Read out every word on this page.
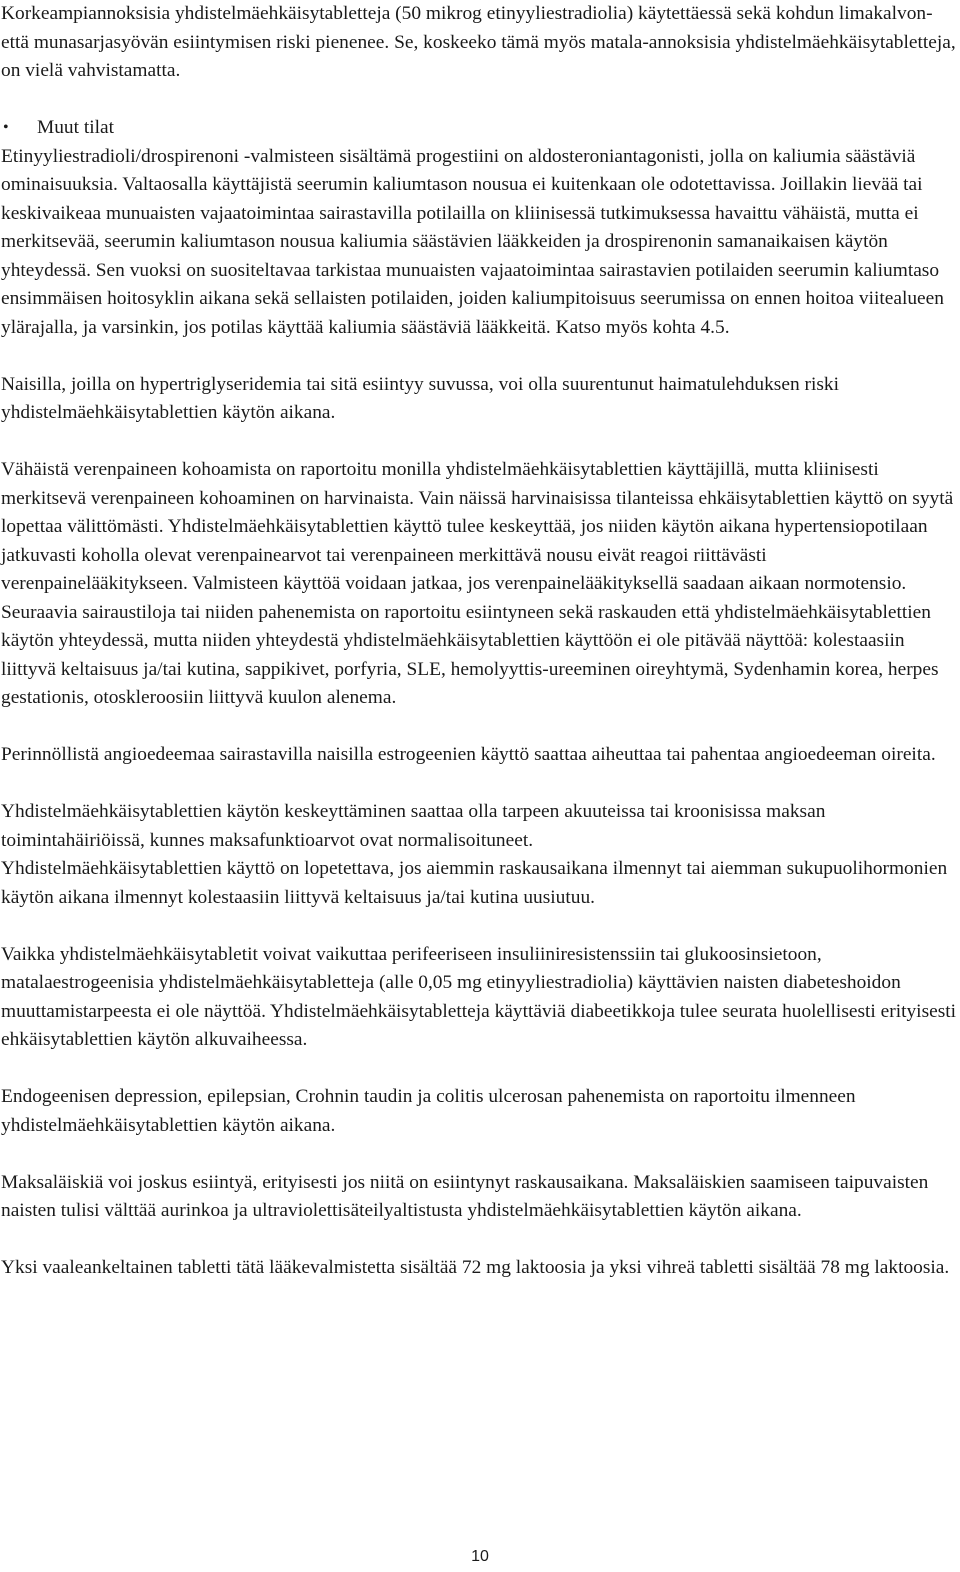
Korkeampiannoksisia yhdistelmäehkäisytabletteja (50 mikrog etinyyliestradiolia) käytettäessä sekä kohdun limakalvon- että munasarjasyövän esiintymisen riski pienenee. Se, koskeeko tämä myös matala-annoksisia yhdistelmäehkäisytabletteja, on vielä vahvistamatta.

• Muut tilat

Etinyyliestradioli/drospirenoni -valmisteen sisältämä progestiini on aldosteroniantagonisti, jolla on kaliumia säästäviä ominaisuuksia. Valtaosalla käyttäjistä seerumin kaliumtason nousua ei kuitenkaan ole odotettavissa. Joillakin lievää tai keskivaikeaa munuaisten vajaatoimintaa sairastavilla potilailla on kliinisessä tutkimuksessa havaittu vähäistä, mutta ei merkitsevää, seerumin kaliumtason nousua kaliumia säästävien lääkkeiden ja drospirenonin samanaikaisen käytön yhteydessä. Sen vuoksi on suositeltavaa tarkistaa munuaisten vajaatoimintaa sairastavien potilaiden seerumin kaliumtaso ensimmäisen hoitosyklin aikana sekä sellaisten potilaiden, joiden kaliumpitoisuus seerumissa on ennen hoitoa viitealueen ylärajalla, ja varsinkin, jos potilas käyttää kaliumia säästäviä lääkkeitä. Katso myös kohta 4.5.

Naisilla, joilla on hypertriglyseridemia tai sitä esiintyy suvussa, voi olla suurentunut haimatulehduksen riski yhdistelmäehkäisytablettien käytön aikana.

Vähäistä verenpaineen kohoamista on raportoitu monilla yhdistelmäehkäisytablettien käyttäjillä, mutta kliinisesti merkitsevä verenpaineen kohoaminen on harvinaista. Vain näissä harvinaisissa tilanteissa ehkäisytablettien käyttö on syytä lopettaa välittömästi. Yhdistelmäehkäisytablettien käyttö tulee keskeyttää, jos niiden käytön aikana hypertensiopotilaan jatkuvasti koholla olevat verenpainearvot tai verenpaineen merkittävä nousu eivät reagoi riittävästi verenpainelääkitykseen. Valmisteen käyttöä voidaan jatkaa, jos verenpainelääkityksellä saadaan aikaan normotensio.

Seuraavia sairaustiloja tai niiden pahenemista on raportoitu esiintyneen sekä raskauden että yhdistelmäehkäisytablettien käytön yhteydessä, mutta niiden yhteydestä yhdistelmäehkäisytablettien käyttöön ei ole pitävää näyttöä: kolestaasiin liittyvä keltaisuus ja/tai kutina, sappikivet, porfyria, SLE, hemolyyttis-ureeminen oireyhtymä, Sydenhamin korea, herpes gestationis, otoskleroosiin liittyvä kuulon alenema.

Perinnöllistä angioedeemaa sairastavilla naisilla estrogeenien käyttö saattaa aiheuttaa tai pahentaa angioedeeman oireita.

Yhdistelmäehkäisytablettien käytön keskeyttäminen saattaa olla tarpeen akuuteissa tai kroonisissa maksan toimintahäiriöissä, kunnes maksafunktioarvot ovat normalisoituneet.

Yhdistelmäehkäisytablettien käyttö on lopetettava, jos aiemmin raskausaikana ilmennyt tai aiemman sukupuolihormonien käytön aikana ilmennyt kolestaasiin liittyvä keltaisuus ja/tai kutina uusiutuu.

Vaikka yhdistelmäehkäisytabletit voivat vaikuttaa perifeeriseen insuliiniresistenssiin tai glukoosinsietoon, matalaestrogeenisia yhdistelmäehkäisytabletteja (alle 0,05 mg etinyyliestradiolia) käyttävien naisten diabeteshoidon muuttamistarpeesta ei ole näyttöä. Yhdistelmäehkäisytabletteja käyttäviä diabeetikkoja tulee seurata huolellisesti erityisesti ehkäisytablettien käytön alkuvaiheessa.

Endogeenisen depression, epilepsian, Crohnin taudin ja colitis ulcerosan pahenemista on raportoitu ilmenneen yhdistelmäehkäisytablettien käytön aikana.

Maksaläiskiä voi joskus esiintyä, erityisesti jos niitä on esiintynyt raskausaikana. Maksaläiskien saamiseen taipuvaisten naisten tulisi välttää aurinkoa ja ultraviolettisäteilyaltistusta yhdistelmäehkäisytablettien käytön aikana.

Yksi vaaleankeltainen tabletti tätä lääkevalmistetta sisältää 72 mg laktoosia ja yksi vihreä tabletti sisältää 78 mg laktoosia.

10
